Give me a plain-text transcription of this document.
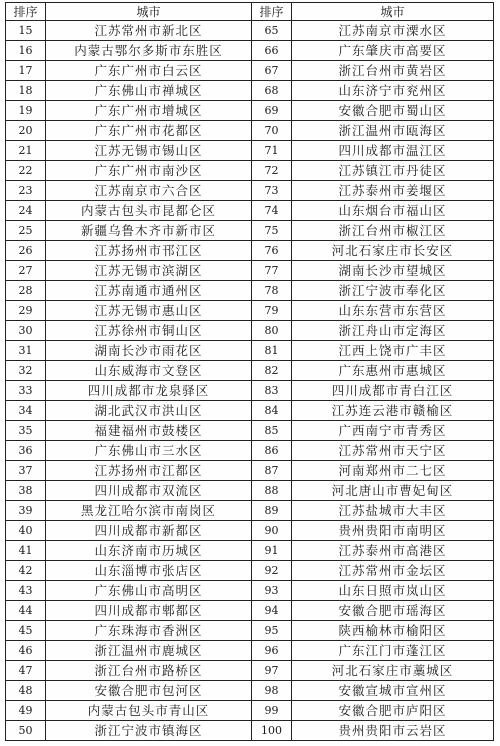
排序	城市	排序	城市
15	江苏常州市新北区	65	江苏南京市溧水区
16	内蒙古鄂尔多斯市东胜区	66	广东肇庆市高要区
17	广东广州市白云区	67	浙江台州市黄岩区
18	广东佛山市禅城区	68	山东济宁市兖州区
19	广东广州市增城区	69	安徽合肥市蜀山区
20	广东广州市花都区	70	浙江温州市瓯海区
21	江苏无锡市锡山区	71	四川成都市温江区
22	广东广州市南沙区	72	江苏镇江市丹徒区
23	江苏南京市六合区	73	江苏泰州市姜堰区
24	内蒙古包头市昆都仑区	74	山东烟台市福山区
25	新疆乌鲁木齐市新市区	75	浙江台州市椒江区
26	江苏扬州市邗江区	76	河北石家庄市长安区
27	江苏无锡市滨湖区	77	湖南长沙市望城区
28	江苏南通市通州区	78	浙江宁波市奉化区
29	江苏无锡市惠山区	79	山东东营市东营区
30	江苏徐州市铜山区	80	浙江舟山市定海区
31	湖南长沙市雨花区	81	江西上饶市广丰区
32	山东威海市文登区	82	广东惠州市惠城区
33	四川成都市龙泉驿区	83	四川成都市青白江区
34	湖北武汉市洪山区	84	江苏连云港市赣榆区
35	福建福州市鼓楼区	85	广西南宁市青秀区
36	广东佛山市三水区	86	江苏常州市天宁区
37	江苏扬州市江都区	87	河南郑州市二七区
38	四川成都市双流区	88	河北唐山市曹妃甸区
39	黑龙江哈尔滨市南岗区	89	江苏盐城市大丰区
40	四川成都市新都区	90	贵州贵阳市南明区
41	山东济南市历城区	91	江苏泰州市高港区
42	山东淄博市张店区	92	江苏常州市金坛区
43	广东佛山市高明区	93	山东日照市岚山区
44	四川成都市郫都区	94	安徽合肥市瑶海区
45	广东珠海市香洲区	95	陕西榆林市榆阳区
46	浙江温州市鹿城区	96	广东江门市蓬江区
47	浙江台州市路桥区	97	河北石家庄市藁城区
48	安徽合肥市包河区	98	安徽宣城市宣州区
49	内蒙古包头市青山区	99	安徽合肥市庐阳区
50	浙江宁波市镇海区	100	贵州贵阳市云岩区
